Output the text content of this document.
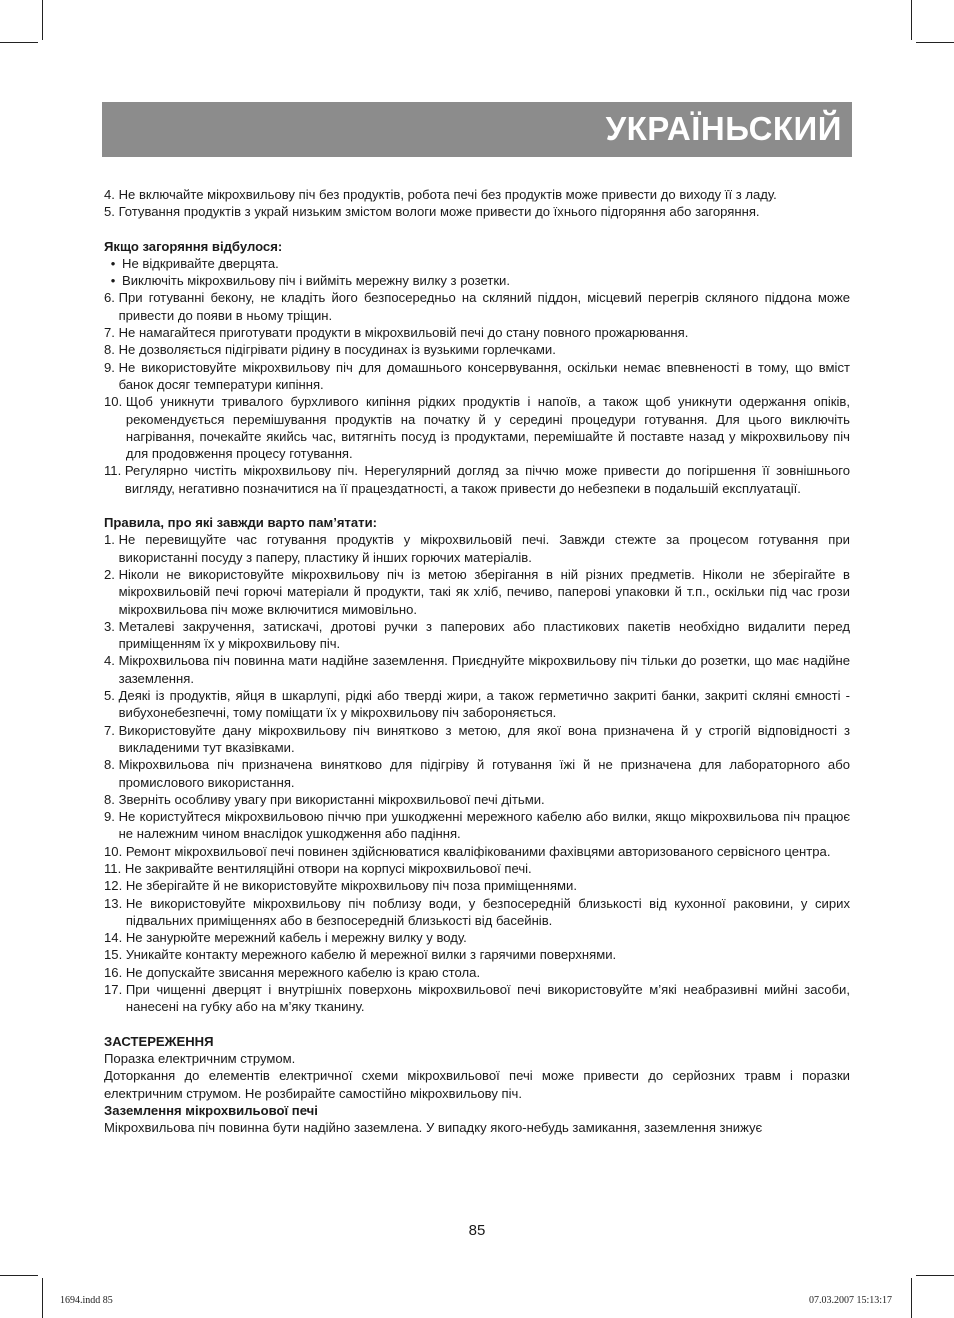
УКРАЇНЬСКИЙ
4. Не включайте мікрохвильову піч без продуктів, робота печі без продуктів може привести до виходу її з ладу.
5. Готування продуктів з украй низьким змістом вологи може привести до їхнього підгоряння або загоряння.
Якщо загоряння відбулося:
• Не відкривайте дверцята.
• Виключіть мікрохвильову піч і вийміть мережну вилку з розетки.
6. При готуванні бекону, не кладіть його безпосередньо на скляний піддон, місцевий перегрів скляного піддона може привести до появи в ньому тріщин.
7. Не намагайтеся приготувати продукти в мікрохвильовій печі до стану повного прожарювання.
8. Не дозволяється підігрівати рідину в посудинах із вузькими горлечками.
9. Не використовуйте мікрохвильову піч для домашнього консервування, оскільки немає впевненості в тому, що вміст банок досяг температури кипіння.
10. Щоб уникнути тривалого бурхливого кипіння рідких продуктів і напоїв, а також щоб уникнути одержання опіків, рекомендується перемішування продуктів на початку й у середині процедури готування. Для цього виключіть нагрівання, почекайте якийсь час, витягніть посуд із продуктами, перемішайте й поставте назад у мікрохвильову піч для продовження процесу готування.
11. Регулярно чистіть мікрохвильову піч. Нерегулярний догляд за піччю може привести до погіршення її зовнішнього вигляду, негативно позначитися на її працездатності, а також привести до небезпеки в подальшій експлуатації.
Правила, про які завжди варто пам’ятати:
1. Не перевищуйте час готування продуктів у мікрохвильовій печі. Завжди стежте за процесом готування при використанні посуду з паперу, пластику й інших горючих матеріалів.
2. Ніколи не використовуйте мікрохвильову піч із метою зберігання в ній різних предметів. Ніколи не зберігайте в мікрохвильовій печі горючі матеріали й продукти, такі як хліб, печиво, паперові упаковки й т.п., оскільки під час грози мікрохвильова піч може включитися мимовільно.
3. Металеві закручення, затискачі, дротові ручки з паперових або пластикових пакетів необхідно видалити перед приміщенням їх у мікрохвильову піч.
4. Мікрохвильова піч повинна мати надійне заземлення. Приєднуйте мікрохвильову піч тільки до розетки, що має надійне заземлення.
5. Деякі із продуктів, яйця в шкарлупі, рідкі або тверді жири, а також герметично закриті банки, закриті скляні ємності - вибухонебезпечні, тому поміщати їх у мікрохвильову піч забороняється.
7. Використовуйте дану мікрохвильову піч винятково з метою, для якої вона призначена й у строгій відповідності з викладеними тут вказівками.
8. Мікрохвильова піч призначена винятково для підігріву й готування їжі й не призначена для лабораторного або промислового використання.
8. Зверніть особливу увагу при використанні мікрохвильової печі дітьми.
9. Не користуйтеся мікрохвильовою піччю при ушкодженні мережного кабелю або вилки, якщо мікрохвильова піч працює не належним чином внаслідок ушкодження або падіння.
10. Ремонт мікрохвильової печі повинен здійснюватися кваліфікованими фахівцями авторизованого сервісного центра.
11. Не закривайте вентиляційні отвори на корпусі мікрохвильової печі.
12. Не зберігайте й не використовуйте мікрохвильову піч поза приміщеннями.
13. Не використовуйте мікрохвильову піч поблизу води, у безпосередній близькості від кухонної раковини, у сирих підвальних приміщеннях або в безпосередній близькості від басейнів.
14. Не занурюйте мережний кабель і мережну вилку у воду.
15. Уникайте контакту мережного кабелю й мережної вилки з гарячими поверхнями.
16. Не допускайте звисання мережного кабелю із краю стола.
17. При чищенні дверцят і внутрішніх поверхонь мікрохвильової печі використовуйте м’які неабразивні мийні засоби, нанесені на губку або на м’яку тканину.
ЗАСТЕРЕЖЕННЯ
Поразка електричним струмом.
Доторкання до елементів електричної схеми мікрохвильової печі може привести до серйозних травм і поразки електричним струмом. Не розбирайте самостійно мікрохвильову піч.
Заземлення мікрохвильової печі
Мікрохвильова піч повинна бути надійно заземлена. У випадку якого-небудь замикання, заземлення знижує
85
1694.indd 85	07.03.2007 15:13:17
